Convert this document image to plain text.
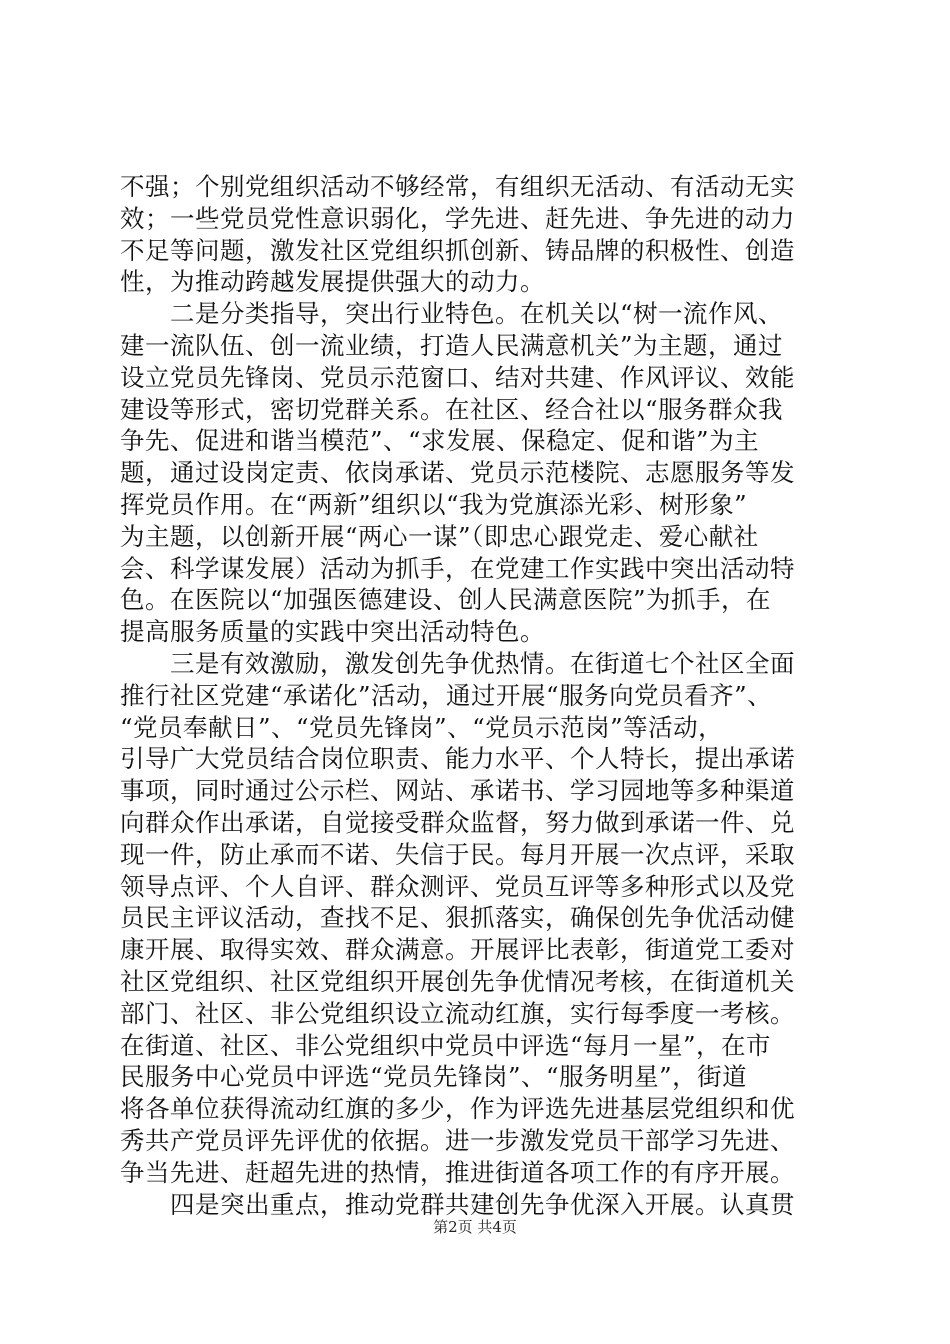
不强；个别党组织活动不够经常，有组织无活动、有活动无实
效；一些党员党性意识弱化，学先进、赶先进、争先进的动力
不足等问题，激发社区党组织抓创新、铸品牌的积极性、创造
性，为推动跨越发展提供强大的动力。
　　二是分类指导，突出行业特色。在机关以“树一流作风、
建一流队伍、创一流业绩，打造人民满意机关”为主题，通过
设立党员先锋岗、党员示范窗口、结对共建、作风评议、效能
建设等形式，密切党群关系。在社区、经合社以“服务群众我
争先、促进和谐当模范”、“求发展、保稳定、促和谐”为主
题，通过设岗定责、依岗承诺、党员示范楼院、志愿服务等发
挥党员作用。在“两新”组织以“我为党旗添光彩、树形象”
为主题，以创新开展“两心一谋”（即忠心跟党走、爱心献社
会、科学谋发展）活动为抓手，在党建工作实践中突出活动特
色。在医院以“加强医德建设、创人民满意医院”为抓手，在
提高服务质量的实践中突出活动特色。
　　三是有效激励，激发创先争优热情。在街道七个社区全面
推行社区党建“承诺化”活动，通过开展“服务向党员看齐”、
“党员奉献日”、“党员先锋岗”、“党员示范岗”等活动，
引导广大党员结合岗位职责、能力水平、个人特长，提出承诺
事项，同时通过公示栏、网站、承诺书、学习园地等多种渠道
向群众作出承诺，自觉接受群众监督，努力做到承诺一件、兑
现一件，防止承而不诺、失信于民。每月开展一次点评，采取
领导点评、个人自评、群众测评、党员互评等多种形式以及党
员民主评议活动，查找不足、狠抓落实，确保创先争优活动健
康开展、取得实效、群众满意。开展评比表彰，街道党工委对
社区党组织、社区党组织开展创先争优情况考核，在街道机关
部门、社区、非公党组织设立流动红旗，实行每季度一考核。
在街道、社区、非公党组织中党员中评选“每月一星”，在市
民服务中心党员中评选“党员先锋岗”、“服务明星”，街道
将各单位获得流动红旗的多少，作为评选先进基层党组织和优
秀共产党员评先评优的依据。进一步激发党员干部学习先进、
争当先进、赶超先进的热情，推进街道各项工作的有序开展。
　　四是突出重点，推动党群共建创先争优深入开展。认真贯
第2页 共4页
